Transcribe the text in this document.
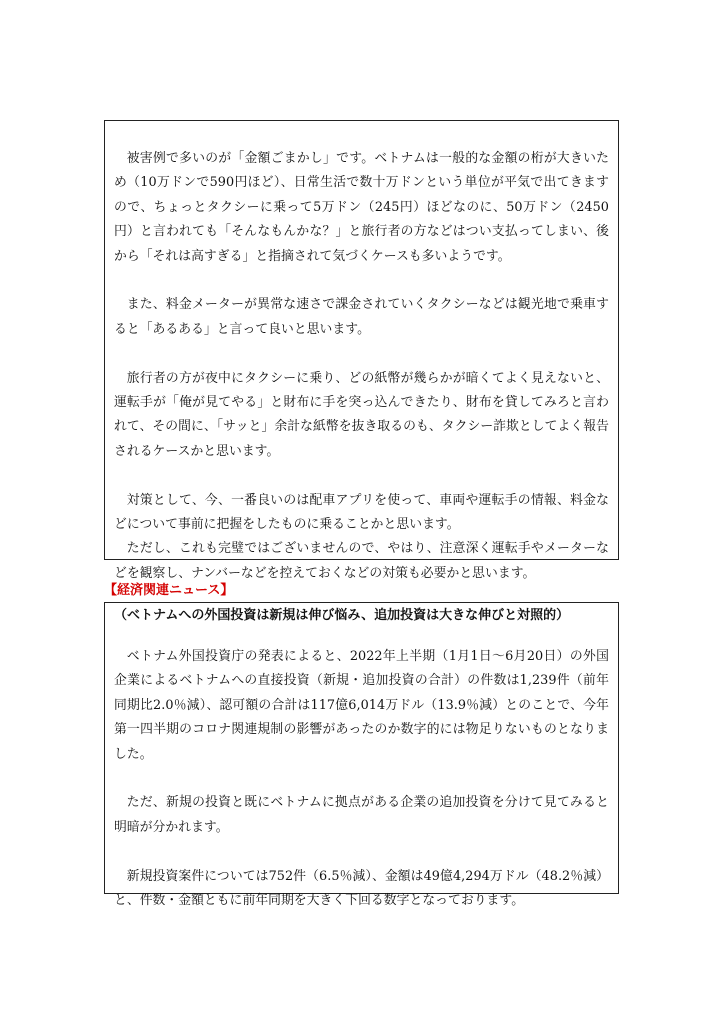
被害例で多いのが「金額ごまかし」です。ベトナムは一般的な金額の桁が大きいため（10万ドンで590円ほど）、日常生活で数十万ドンという単位が平気で出てきますので、ちょっとタクシーに乗って5万ドン（245円）ほどなのに、50万ドン（2450円）と言われても「そんなもんかな？」と旅行者の方などはつい支払ってしまい、後から「それは高すぎる」と指摘されて気づくケースも多いようです。

また、料金メーターが異常な速さで課金されていくタクシーなどは観光地で乗車すると「あるある」と言って良いと思います。

旅行者の方が夜中にタクシーに乗り、どの紙幣が幾らかが暗くてよく見えないと、運転手が「俺が見てやる」と財布に手を突っ込んできたり、財布を貸してみろと言われて、その間に、「サッと」余計な紙幣を抜き取るのも、タクシー詐欺としてよく報告されるケースかと思います。

対策として、今、一番良いのは配車アプリを使って、車両や運転手の情報、料金などについて事前に把握をしたものに乗ることかと思います。

ただし、これも完璧ではございませんので、やはり、注意深く運転手やメーターなどを観察し、ナンバーなどを控えておくなどの対策も必要かと思います。

【経済関連ニュース】

（ベトナムへの外国投資は新規は伸び悩み、追加投資は大きな伸びと対照的）

ベトナム外国投資庁の発表によると、2022年上半期（1月1日～6月20日）の外国企業によるベトナムへの直接投資（新規・追加投資の合計）の件数は1,239件（前年同期比2.0％減）、認可額の合計は117億6,014万ドル（13.9％減）とのことで、今年第一四半期のコロナ関連規制の影響があったのか数字的には物足りないものとなりました。

ただ、新規の投資と既にベトナムに拠点がある企業の追加投資を分けて見てみると明暗が分かれます。

新規投資案件については752件（6.5％減）、金額は49億4,294万ドル（48.2％減）と、件数・金額ともに前年同期を大きく下回る数字となっております。
